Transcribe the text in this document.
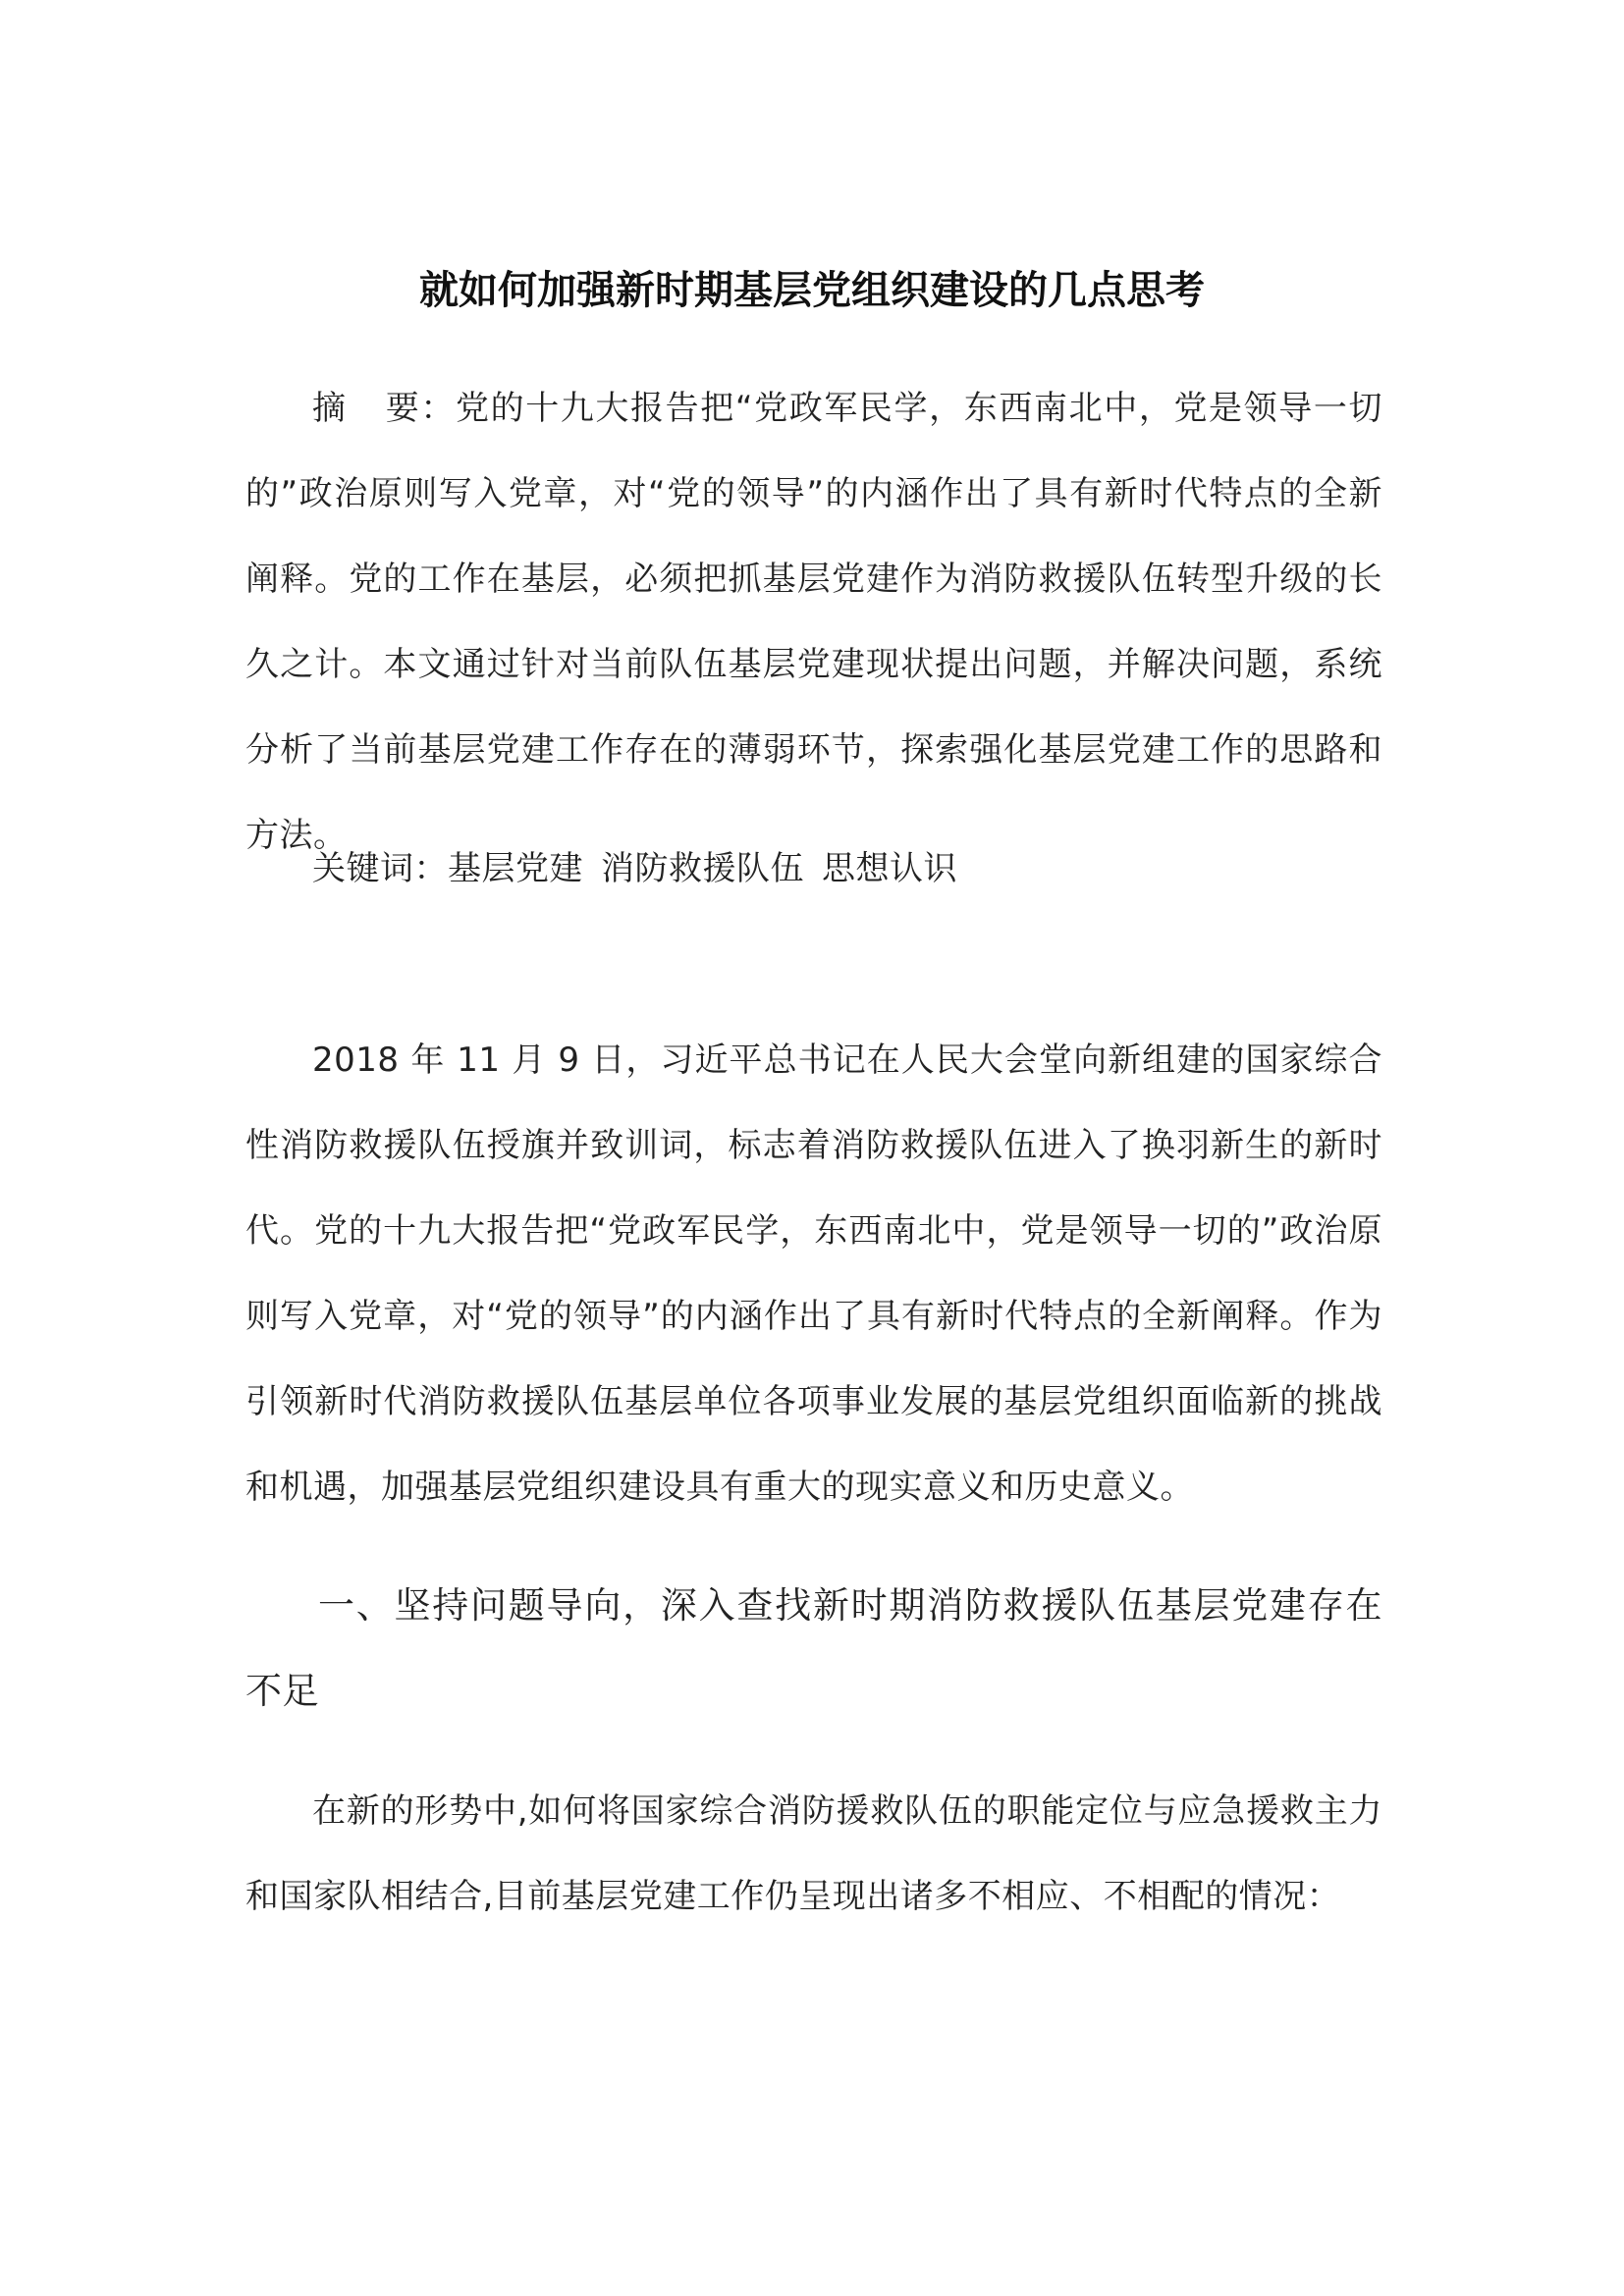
就如何加强新时期基层党组织建设的几点思考

摘 要：党的十九大报告把“党政军民学，东西南北中，党是领导一切的”政治原则写入党章，对“党的领导”的内涵作出了具有新时代特点的全新阐释。党的工作在基层，必须把抓基层党建作为消防救援队伍转型升级的长久之计。本文通过针对当前队伍基层党建现状提出问题，并解决问题，系统分析了当前基层党建工作存在的薄弱环节，探索强化基层党建工作的思路和方法。

关键词：基层党建 消防救援队伍 思想认识

2018 年 11 月 9 日，习近平总书记在人民大会堂向新组建的国家综合性消防救援队伍授旗并致训词，标志着消防救援队伍进入了换羽新生的新时代。党的十九大报告把“党政军民学，东西南北中，党是领导一切的”政治原则写入党章，对“党的领导”的内涵作出了具有新时代特点的全新阐释。作为引领新时代消防救援队伍基层单位各项事业发展的基层党组织面临新的挑战和机遇，加强基层党组织建设具有重大的现实意义和历史意义。

一、坚持问题导向，深入查找新时期消防救援队伍基层党建存在不足

在新的形势中,如何将国家综合消防援救队伍的职能定位与应急援救主力和国家队相结合,目前基层党建工作仍呈现出诸多不相应、不相配的情况：
